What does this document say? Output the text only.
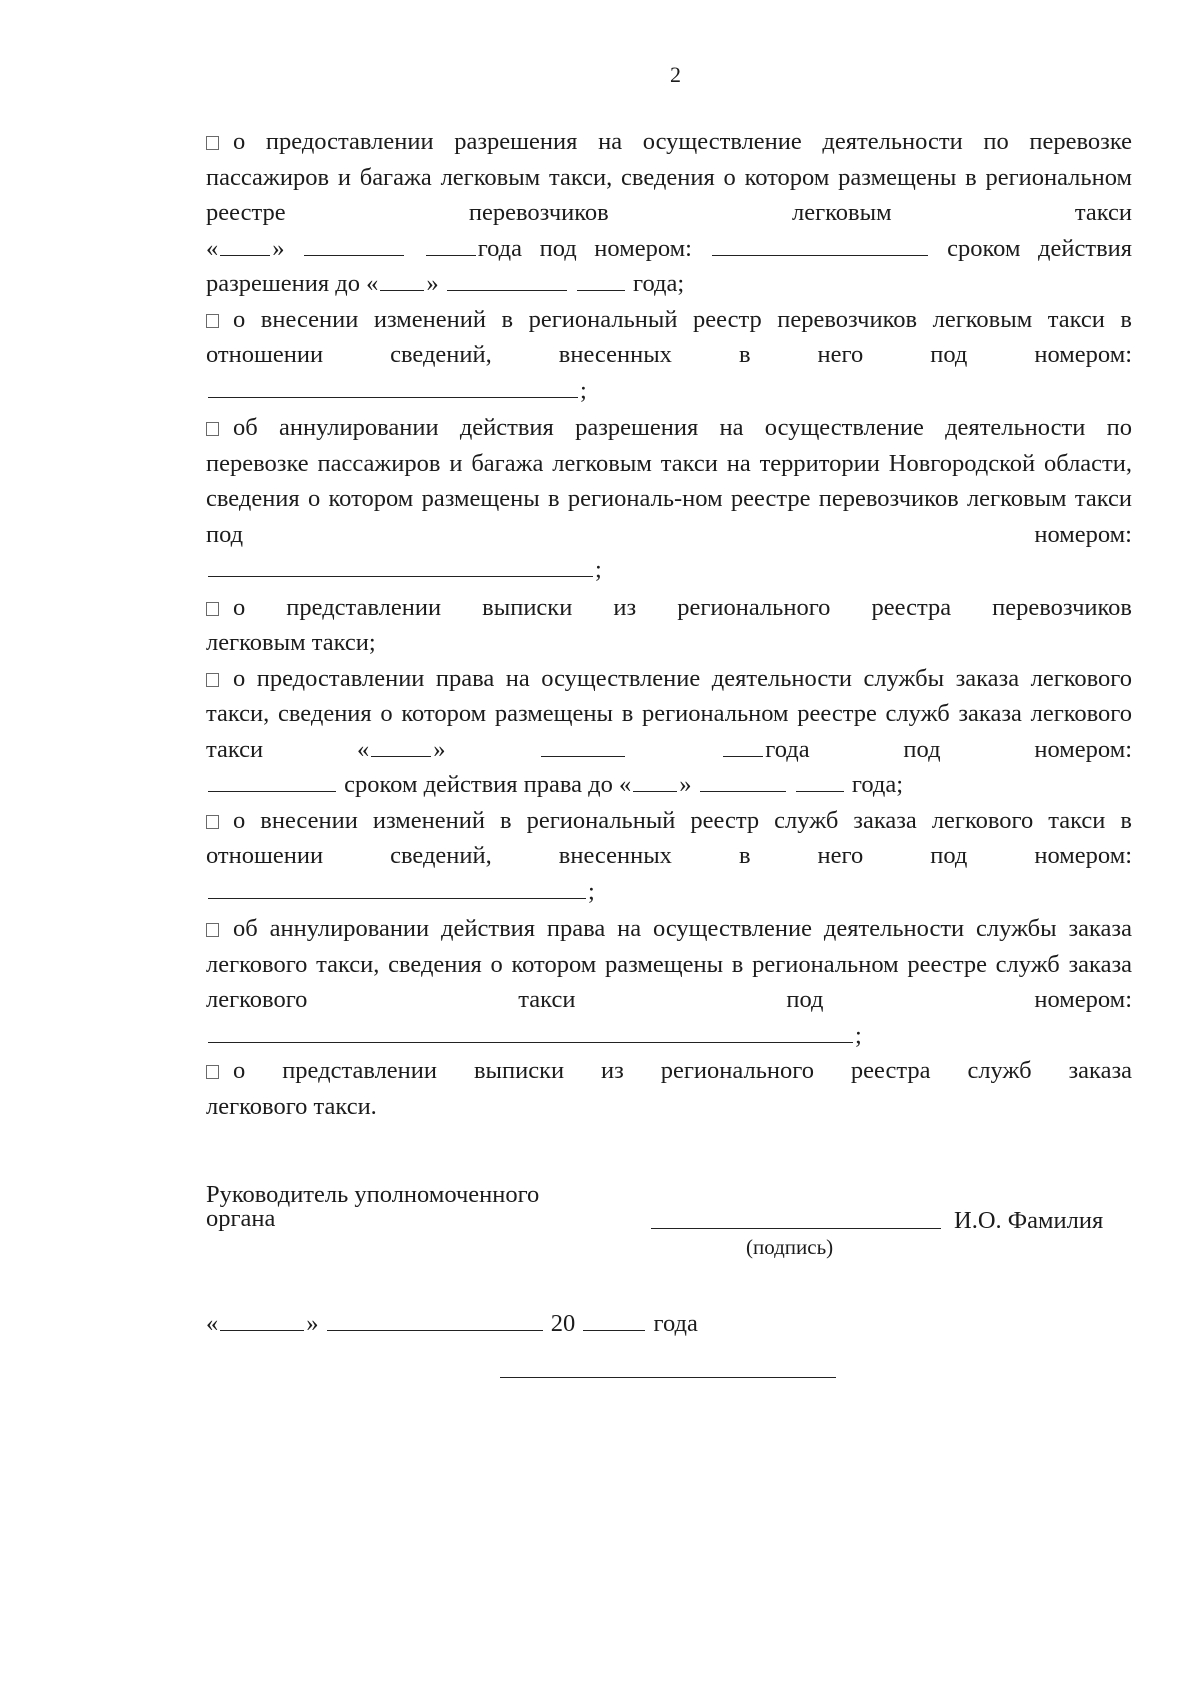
2
о предоставлении разрешения на осуществление деятельности по перевозке пассажиров и багажа легковым такси, сведения о котором размещены в региональном реестре перевозчиков легковым такси
« »	года под номером:	сроком действия
разрешения до « »	года;
о внесении изменений в региональный реестр перевозчиков легковым такси в отношении сведений, внесенных в него под номером:
;
об аннулировании действия разрешения на осуществление деятельности по перевозке пассажиров и багажа легковым такси на территории Новгородской области, сведения о котором размещены в региональ-ном реестре перевозчиков легковым такси под номером:
;
о представлении выписки из регионального реестра перевозчиков
легковым такси;
о предоставлении права на осуществление деятельности службы заказа легкового такси, сведения о котором размещены в региональном реестре служб заказа легкового такси	«	»	года под номером:
сроком действия права до « »	года;
о внесении изменений в региональный реестр служб заказа легкового такси в отношении сведений, внесенных в него под номером:
;
об аннулировании действия права на осуществление деятельности службы заказа легкового такси, сведения о котором размещены в региональном реестре служб заказа легкового такси под номером:
;
о представлении выписки из регионального реестра служб заказа
легкового такси.
Руководитель уполномоченного
органа	И.О. Фамилия
(подпись)
«	»	20	года
